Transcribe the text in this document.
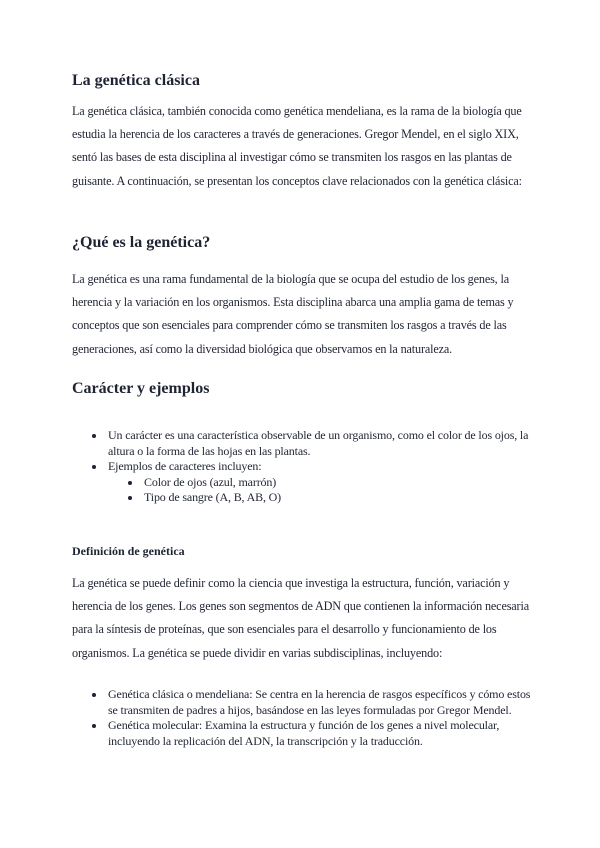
La genética clásica

La genética clásica, también conocida como genética mendeliana, es la rama de la biología que estudia la herencia de los caracteres a través de generaciones. Gregor Mendel, en el siglo XIX, sentó las bases de esta disciplina al investigar cómo se transmiten los rasgos en las plantas de guisante. A continuación, se presentan los conceptos clave relacionados con la genética clásica:

¿Qué es la genética?

La genética es una rama fundamental de la biología que se ocupa del estudio de los genes, la herencia y la variación en los organismos. Esta disciplina abarca una amplia gama de temas y conceptos que son esenciales para comprender cómo se transmiten los rasgos a través de las generaciones, así como la diversidad biológica que observamos en la naturaleza.

Carácter y ejemplos
Un carácter es una característica observable de un organismo, como el color de los ojos, la altura o la forma de las hojas en las plantas.
Ejemplos de caracteres incluyen:
Color de ojos (azul, marrón)
Tipo de sangre (A, B, AB, O)
Definición de genética

La genética se puede definir como la ciencia que investiga la estructura, función, variación y herencia de los genes. Los genes son segmentos de ADN que contienen la información necesaria para la síntesis de proteínas, que son esenciales para el desarrollo y funcionamiento de los organismos. La genética se puede dividir en varias subdisciplinas, incluyendo:

Genética clásica o mendeliana: Se centra en la herencia de rasgos específicos y cómo estos se transmiten de padres a hijos, basándose en las leyes formuladas por Gregor Mendel.
Genética molecular: Examina la estructura y función de los genes a nivel molecular, incluyendo la replicación del ADN, la transcripción y la traducción.
